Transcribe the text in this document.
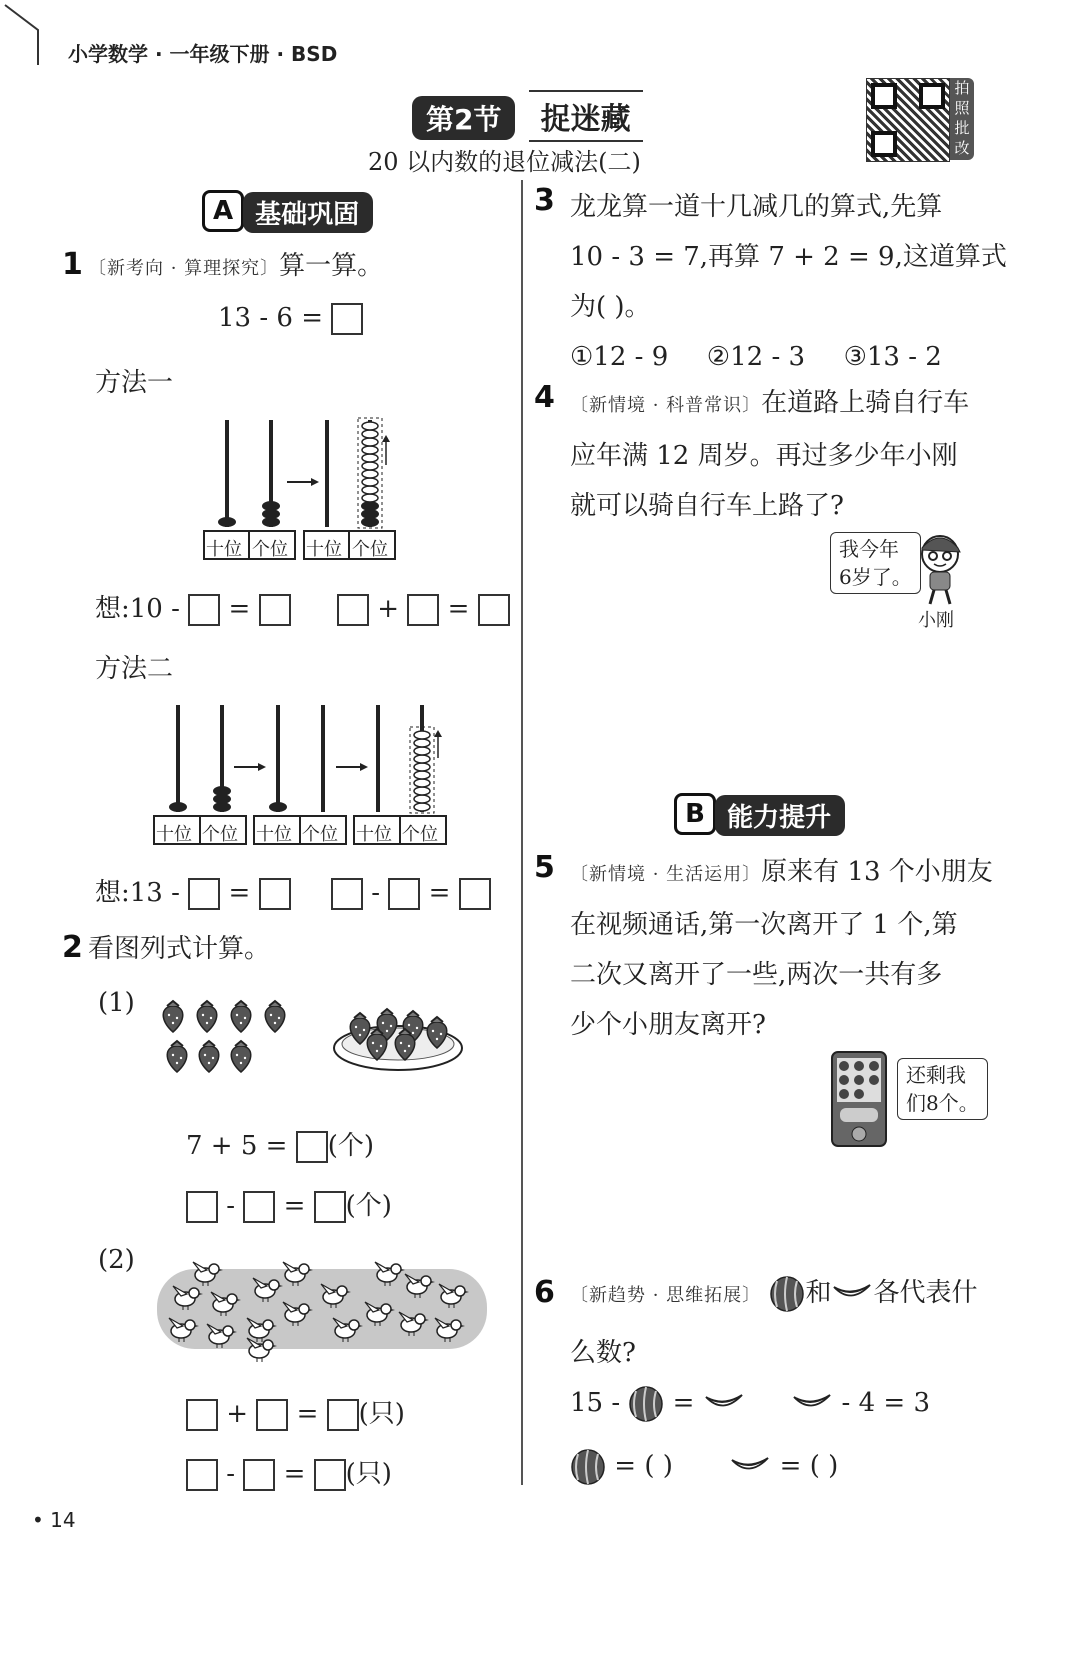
小学数学 · 一年级下册 · BSD
第2节 捉迷藏
20 以内数的退位减法(二)
拍
照
批
改
A 基础巩固
1 〔新考向 · 算理探究〕算一算。
13 - 6 =
方法一
十位 个位 十位 个位
想:10 - =	+ =
方法二
十位 个位 十位 个位 十位 个位
想:13 - =	- =
2 看图列式计算。
(1)
7 + 5 = (个)
- = (个)
(2)
+ = (只)
- = (只)
3 龙龙算一道十几减几的算式,先算
10 - 3 = 7,再算 7 + 2 = 9,这道算式
为( )。
①12 - 9 ②12 - 3 ③13 - 2
4 〔新情境 · 科普常识〕在道路上骑自行车
应年满 12 周岁。再过多少年小刚
就可以骑自行车上路了?
我今年
6岁了。
小刚
B 能力提升
5 〔新情境 · 生活运用〕原来有 13 个小朋友
在视频通话,第一次离开了 1 个,第
二次又离开了一些,两次一共有多
少个小朋友离开?
还剩我
们8个。
6 〔新趋势 · 思维拓展〕 和 各代表什
么数?
15 - =	- 4 = 3
= ( )	= ( )
• 14
